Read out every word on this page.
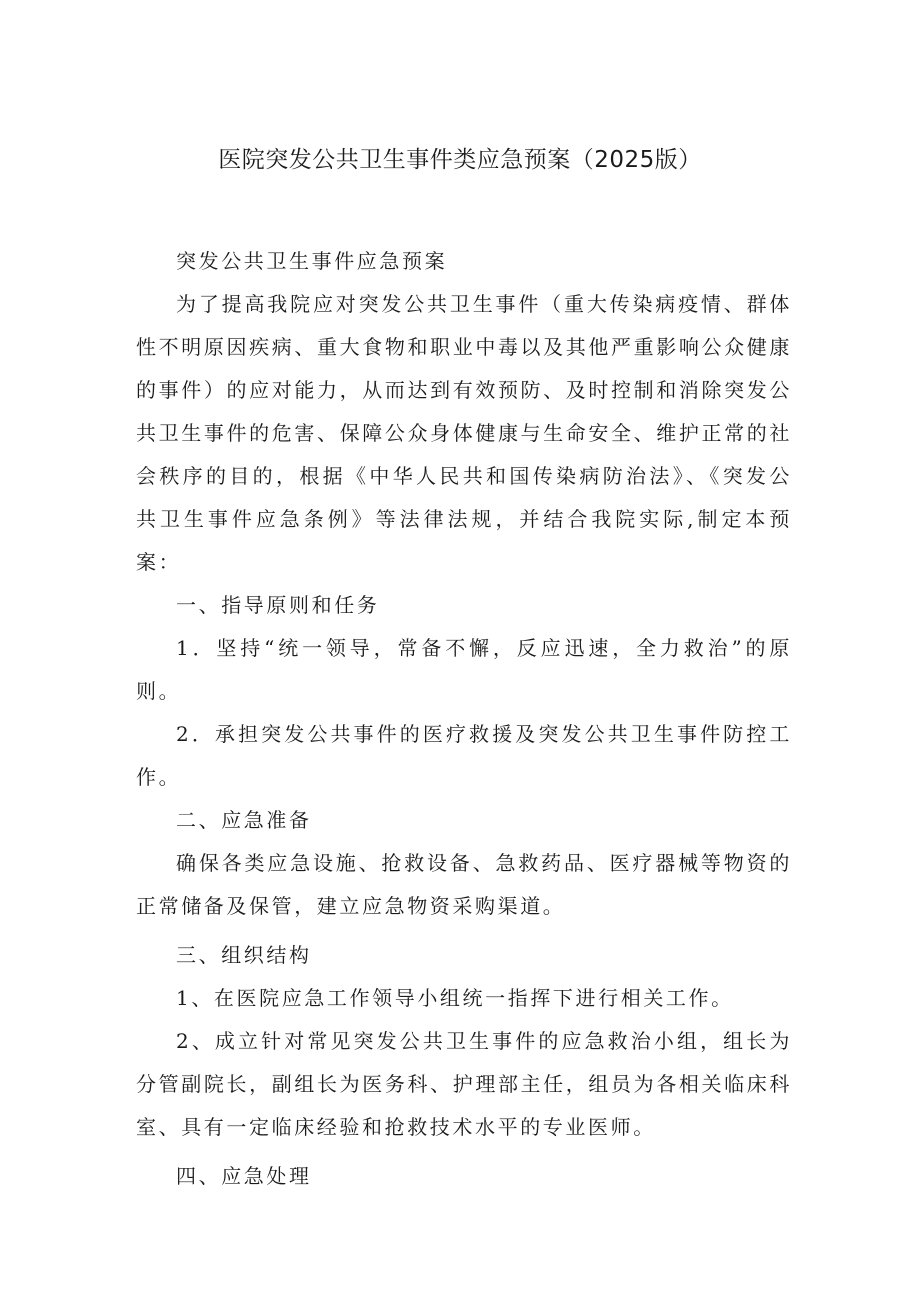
医院突发公共卫生事件类应急预案（2025版）

突发公共卫生事件应急预案

为了提高我院应对突发公共卫生事件（重大传染病疫情、群体性不明原因疾病、重大食物和职业中毒以及其他严重影响公众健康的事件）的应对能力，从而达到有效预防、及时控制和消除突发公共卫生事件的危害、保障公众身体健康与生命安全、维护正常的社会秩序的目的，根据《中华人民共和国传染病防治法》、《突发公共卫生事件应急条例》等法律法规，并结合我院实际,制定本预案：

一、指导原则和任务

1．坚持“统一领导，常备不懈，反应迅速，全力救治”的原则。

2．承担突发公共事件的医疗救援及突发公共卫生事件防控工作。

二、应急准备

确保各类应急设施、抢救设备、急救药品、医疗器械等物资的正常储备及保管，建立应急物资采购渠道。

三、组织结构

1、在医院应急工作领导小组统一指挥下进行相关工作。

2、成立针对常见突发公共卫生事件的应急救治小组，组长为分管副院长，副组长为医务科、护理部主任，组员为各相关临床科室、具有一定临床经验和抢救技术水平的专业医师。

四、应急处理
